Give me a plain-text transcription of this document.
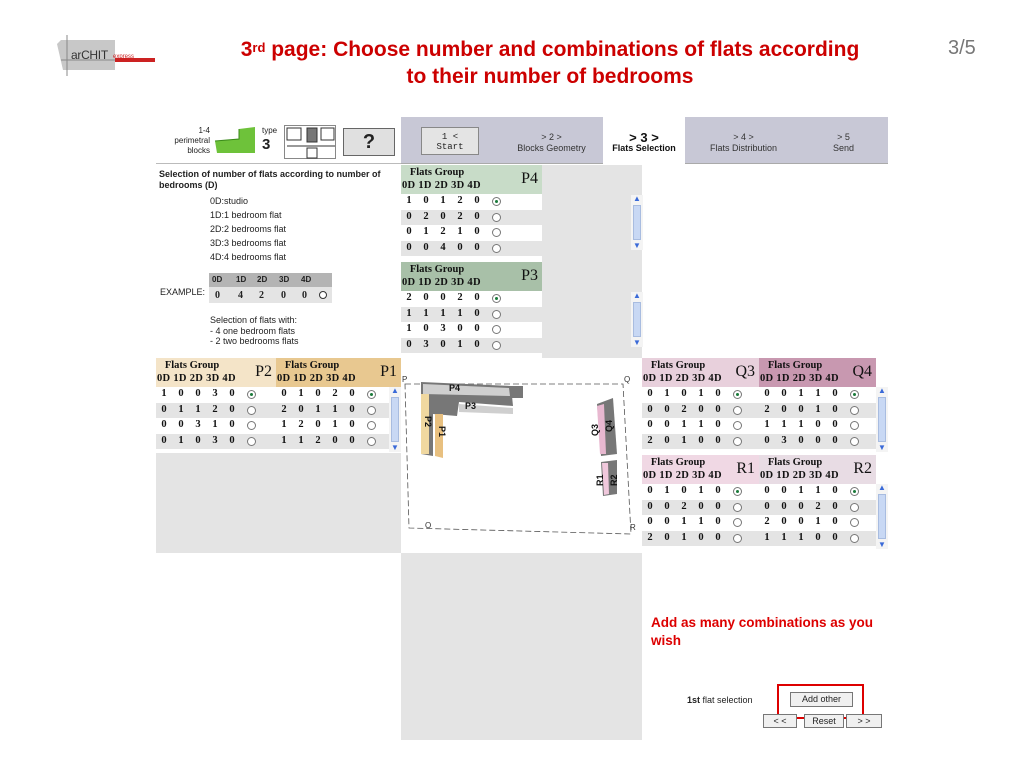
arCHIT express	3rd page: Choose number and combinations of flats according
to their number of bedrooms
3/5
1-4
perimetral
blocks
type
3	?	1 <
Start
> 2 >
Blocks Geometry
> 3 >
Flats Selection
> 4 >
Flats Distribution
> 5
Send
Selection of number of flats according to number of bedrooms (D)
0D:studio
1D:1 bedroom flat
2D:2 bedrooms flat
3D:3 bedrooms flat
4D:4 bedrooms flat
EXAMPLE:
0D 1D 2D 3D 4D
0 4 2 0 0
Selection of flats with:
- 4 one bedroom flats
- 2 two bedrooms flats
P4
P3
P2
P1	Q3 Q4
R1 R2
P	Q
O	R
Flats Group
0D 1D 2D 3D 4D	P4
1 0 1 2 0
0 2 0 2 0
0 1 2 1 0
0 0 4 0 0
Flats Group
0D 1D 2D 3D 4D	P3
2 0 0 2 0
1 1 1 1 0
1 0 3 0 0
0 3 0 1 0
Flats Group
0D 1D 2D 3D 4D P2
1 0 0 3 0
0 1 1 2 0
0 0 3 1 0
0 1 0 3 0
Flats Group
0D 1D 2D 3D 4D P1
0 1 0 2 0
2 0 1 1 0
1 2 0 1 0
1 1 2 0 0
Flats Group
0D 1D 2D 3D 4D Q3
0 1 0 1 0
0 0 2 0 0
0 0 1 1 0
2 0 1 0 0
Flats Group
0D 1D 2D 3D 4D Q4
0 0 1 1 0
2 0 0 1 0
1 1 1 0 0
0 3 0 0 0
Flats Group
0D 1D 2D 3D 4D R1
0 1 0 1 0
0 0 2 0 0
0 0 1 1 0
2 0 1 0 0
Flats Group
0D 1D 2D 3D 4D R2
0 0 1 1 0
0 0 0 2 0
2 0 0 1 0
1 1 1 0 0
Add as many combinations as you wish
1st flat selection	Add other
< <	Reset	> >
▲
▼
▲
▼
▲
▼
▲
▼
▲
▼
